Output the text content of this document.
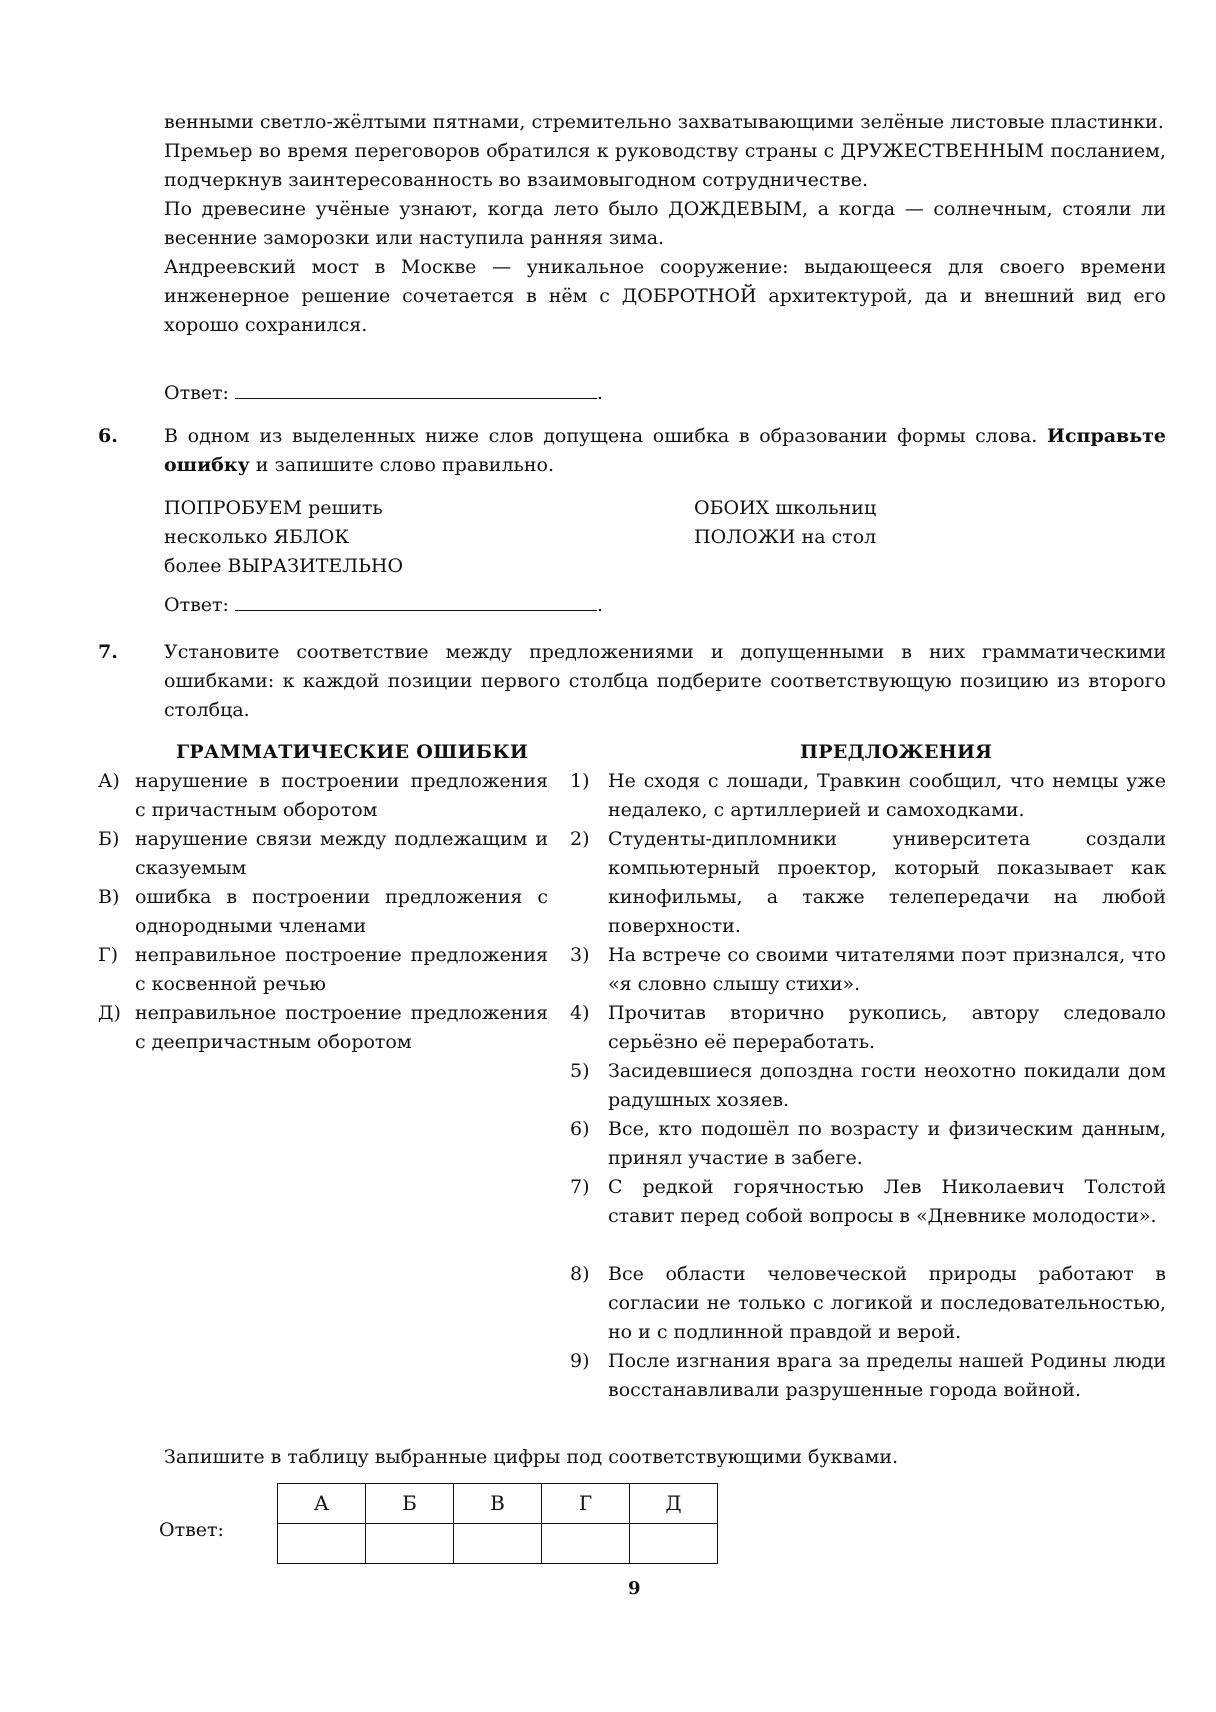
венными светло-жёлтыми пятнами, стремительно захватывающими зелёные листовые пластинки.

Премьер во время переговоров обратился к руководству страны с ДРУЖЕСТВЕННЫМ посланием, подчеркнув заинтересованность во взаимовыгодном сотрудничестве.

По древесине учёные узнают, когда лето было ДОЖДЕВЫМ, а когда — солнечным, стояли ли весенние заморозки или наступила ранняя зима.

Андреевский мост в Москве — уникальное сооружение: выдающееся для своего времени инженерное решение сочетается в нём с ДОБРОТНОЙ архитектурой, да и внешний вид его хорошо сохранился.

Ответ:	.
6. В одном из выделенных ниже слов допущена ошибка в образовании формы слова. Исправьте ошибку и запишите слово правильно.
ПОПРОБУЕМ решить
несколько ЯБЛОК
более ВЫРАЗИТЕЛЬНО
ОБОИХ школьниц
ПОЛОЖИ на стол
Ответ:	.
7. Установите соответствие между предложениями и допущенными в них грамматическими ошибками: к каждой позиции первого столбца подберите соответствующую позицию из второго столбца.
ГРАММАТИЧЕСКИЕ ОШИБКИ	ПРЕДЛОЖЕНИЯ
А) нарушение в построении предложения с причастным оборотом
Б) нарушение связи между подлежащим и сказуемым
В) ошибка в построении предложения с однородными членами
Г) неправильное построение предложения с косвенной речью
Д) неправильное построение предложения с деепричастным оборотом
1) Не сходя с лошади, Травкин сообщил, что немцы уже недалеко, с артиллерией и самоходками.
2) Студенты-дипломники университета создали компьютерный проектор, который показывает как кинофильмы, а также телепередачи на любой поверхности.
3) На встрече со своими читателями поэт признался, что «я словно слышу стихи».
4) Прочитав вторично рукопись, автору следовало серьёзно её переработать.
5) Засидевшиеся допоздна гости неохотно покидали дом радушных хозяев.
6) Все, кто подошёл по возрасту и физическим данным, принял участие в забеге.
7) С редкой горячностью Лев Николаевич Толстой ставит перед собой вопросы в «Дневнике молодости».
8) Все области человеческой природы работают в согласии не только с логикой и последовательностью, но и с подлинной правдой и верой.
9) После изгнания врага за пределы нашей Родины люди восстанавливали разрушенные города войной.
Запишите в таблицу выбранные цифры под соответствующими буквами.
Ответ:
А	Б	В	Г	Д

9
